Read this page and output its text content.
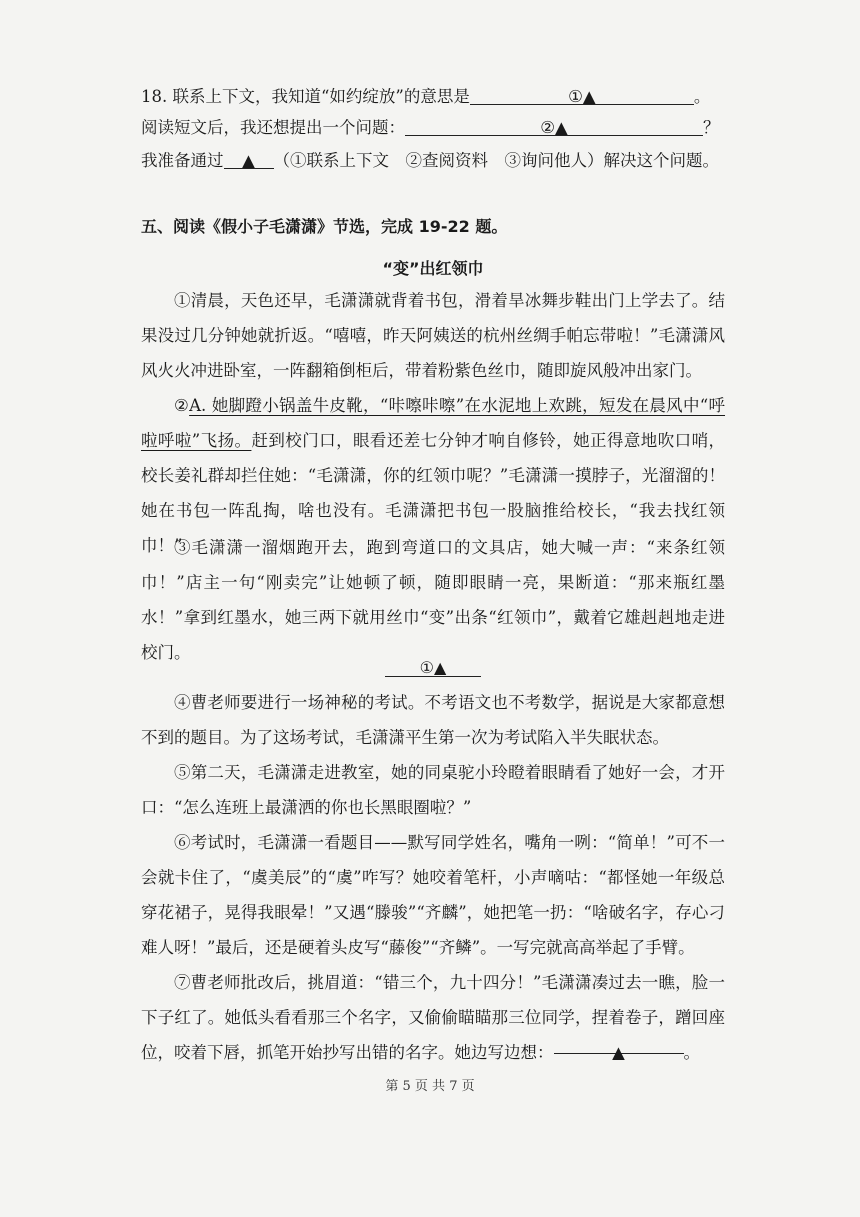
18. 联系上下文，我知道“如约绽放”的意思是	①▲	。
阅读短文后，我还想提出一个问题：	②▲	？
我准备通过 ▲ （①联系上下文　②查阅资料　③询问他人）解决这个问题。
五、阅读《假小子毛潇潇》节选，完成 19-22 题。
“变”出红领巾
①清晨，天色还早，毛潇潇就背着书包，滑着旱冰舞步鞋出门上学去了。结果没过几分钟她就折返。“嘻嘻，昨天阿姨送的杭州丝绸手帕忘带啦！”毛潇潇风风火火冲进卧室，一阵翻箱倒柜后，带着粉紫色丝巾，随即旋风般冲出家门。
②A. 她脚蹬小锅盖牛皮靴，“咔嚓咔嚓”在水泥地上欢跳，短发在晨风中“呼啦呼啦”飞扬。赶到校门口，眼看还差七分钟才响自修铃，她正得意地吹口哨，校长姜礼群却拦住她：“毛潇潇，你的红领巾呢？”毛潇潇一摸脖子，光溜溜的！她在书包一阵乱掏，啥也没有。毛潇潇把书包一股脑推给校长，“我去找红领巾！”
③毛潇潇一溜烟跑开去，跑到弯道口的文具店，她大喊一声：“来条红领巾！”店主一句“刚卖完”让她顿了顿，随即眼睛一亮，果断道：“那来瓶红墨水！”拿到红墨水，她三两下就用丝巾“变”出条“红领巾”，戴着它雄赳赳地走进校门。
①▲
④曹老师要进行一场神秘的考试。不考语文也不考数学，据说是大家都意想不到的题目。为了这场考试，毛潇潇平生第一次为考试陷入半失眠状态。
⑤第二天，毛潇潇走进教室，她的同桌驼小玲瞪着眼睛看了她好一会，才开口：“怎么连班上最潇洒的你也长黑眼圈啦？”
⑥考试时，毛潇潇一看题目——默写同学姓名，嘴角一咧：“简单！”可不一会就卡住了，“虞美辰”的“虞”咋写？她咬着笔杆，小声嘀咕：“都怪她一年级总穿花裙子，晃得我眼晕！”又遇“滕骏”“齐麟”，她把笔一扔：“啥破名字，存心刁难人呀！”最后，还是硬着头皮写“藤俊”“齐鳞”。一写完就高高举起了手臂。
⑦曹老师批改后，挑眉道：“错三个，九十四分！”毛潇潇凑过去一瞧，脸一下子红了。她低头看看那三个名字，又偷偷瞄瞄那三位同学，捏着卷子，蹭回座位，咬着下唇，抓笔开始抄写出错的名字。她边写边想：	▲	。
第 5 页 共 7 页
